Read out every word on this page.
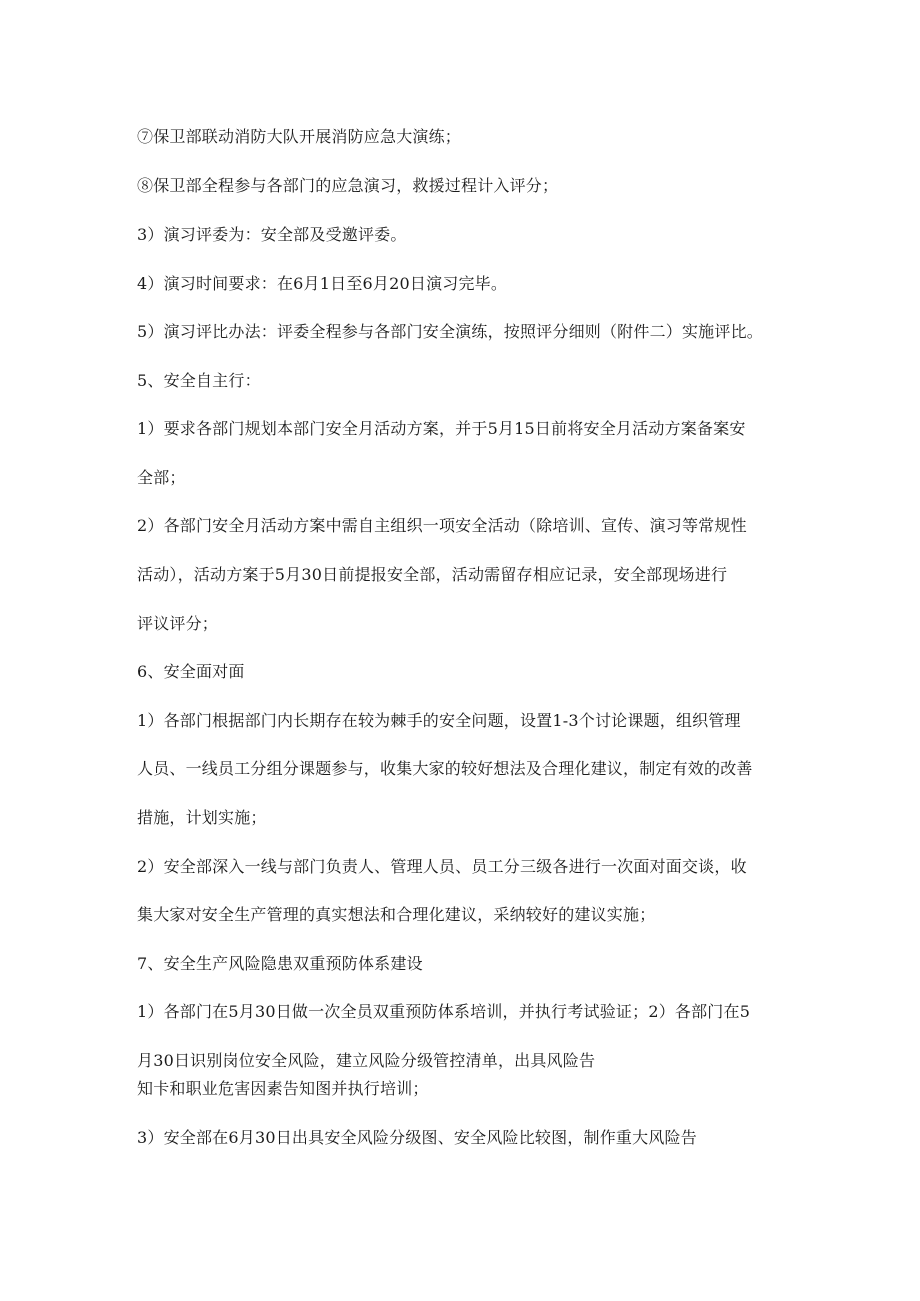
⑦保卫部联动消防大队开展消防应急大演练；
⑧保卫部全程参与各部门的应急演习，救援过程计入评分；
3）演习评委为：安全部及受邀评委。
4）演习时间要求：在6月1日至6月20日演习完毕。
5）演习评比办法：评委全程参与各部门安全演练，按照评分细则（附件二）实施评比。
5、安全自主行：
1）要求各部门规划本部门安全月活动方案，并于5月15日前将安全月活动方案备案安
全部；
2）各部门安全月活动方案中需自主组织一项安全活动（除培训、宣传、演习等常规性
活动），活动方案于5月30日前提报安全部，活动需留存相应记录，安全部现场进行
评议评分；
6、安全面对面
1）各部门根据部门内长期存在较为棘手的安全问题，设置1-3个讨论课题，组织管理
人员、一线员工分组分课题参与，收集大家的较好想法及合理化建议，制定有效的改善
措施，计划实施；
2）安全部深入一线与部门负责人、管理人员、员工分三级各进行一次面对面交谈，收
集大家对安全生产管理的真实想法和合理化建议，采纳较好的建议实施；
7、安全生产风险隐患双重预防体系建设
1）各部门在5月30日做一次全员双重预防体系培训，并执行考试验证；2）各部门在5
月30日识别岗位安全风险，建立风险分级管控清单，出具风险告
知卡和职业危害因素告知图并执行培训；
3）安全部在6月30日出具安全风险分级图、安全风险比较图，制作重大风险告
